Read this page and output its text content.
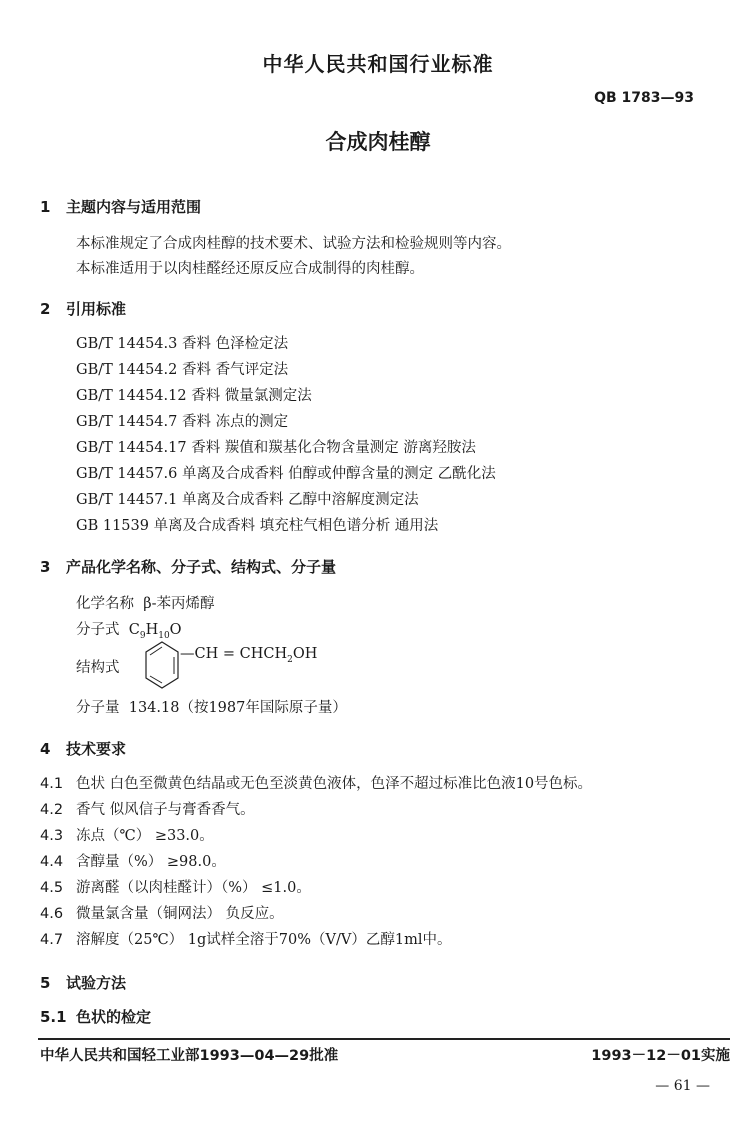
中华人民共和国行业标准
QB 1783—93
合成肉桂醇
1 主题内容与适用范围
本标准规定了合成肉桂醇的技术要术、试验方法和检验规则等内容。
本标准适用于以肉桂醛经还原反应合成制得的肉桂醇。
2 引用标准
GB/T 14454.3 香料 色泽检定法
GB/T 14454.2 香料 香气评定法
GB/T 14454.12 香料 微量氯测定法
GB/T 14454.7 香料 冻点的测定
GB/T 14454.17 香料 羰值和羰基化合物含量测定 游离羟胺法
GB/T 14457.6 单离及合成香料 伯醇或仲醇含量的测定 乙酰化法
GB/T 14457.1 单离及合成香料 乙醇中溶解度测定法
GB 11539 单离及合成香料 填充柱气相色谱分析 通用法
3 产品化学名称、分子式、结构式、分子量
化学名称 β-苯丙烯醇
分子式 $C_9H_{10}O$
结构式
—CH = $CHCH_2OH$
分子量 134.18（按1987年国际原子量）
4 技术要求
4.1 色状 白色至微黄色结晶或无色至淡黄色液体，色泽不超过标准比色液10号色标。
4.2 香气 似风信子与膏香香气。
4.3 冻点（℃） ≥33.0。
4.4 含醇量（%） ≥98.0。
4.5 游离醛（以肉桂醛计）（%） ≤1.0。
4.6 微量氯含量（铜网法） 负反应。
4.7 溶解度（25℃） 1g试样全溶于70%（V/V）乙醇1ml中。
5 试验方法
5.1 色状的检定
中华人民共和国轻工业部1993—04—29批准	1993－12－01实施
— 61 —
